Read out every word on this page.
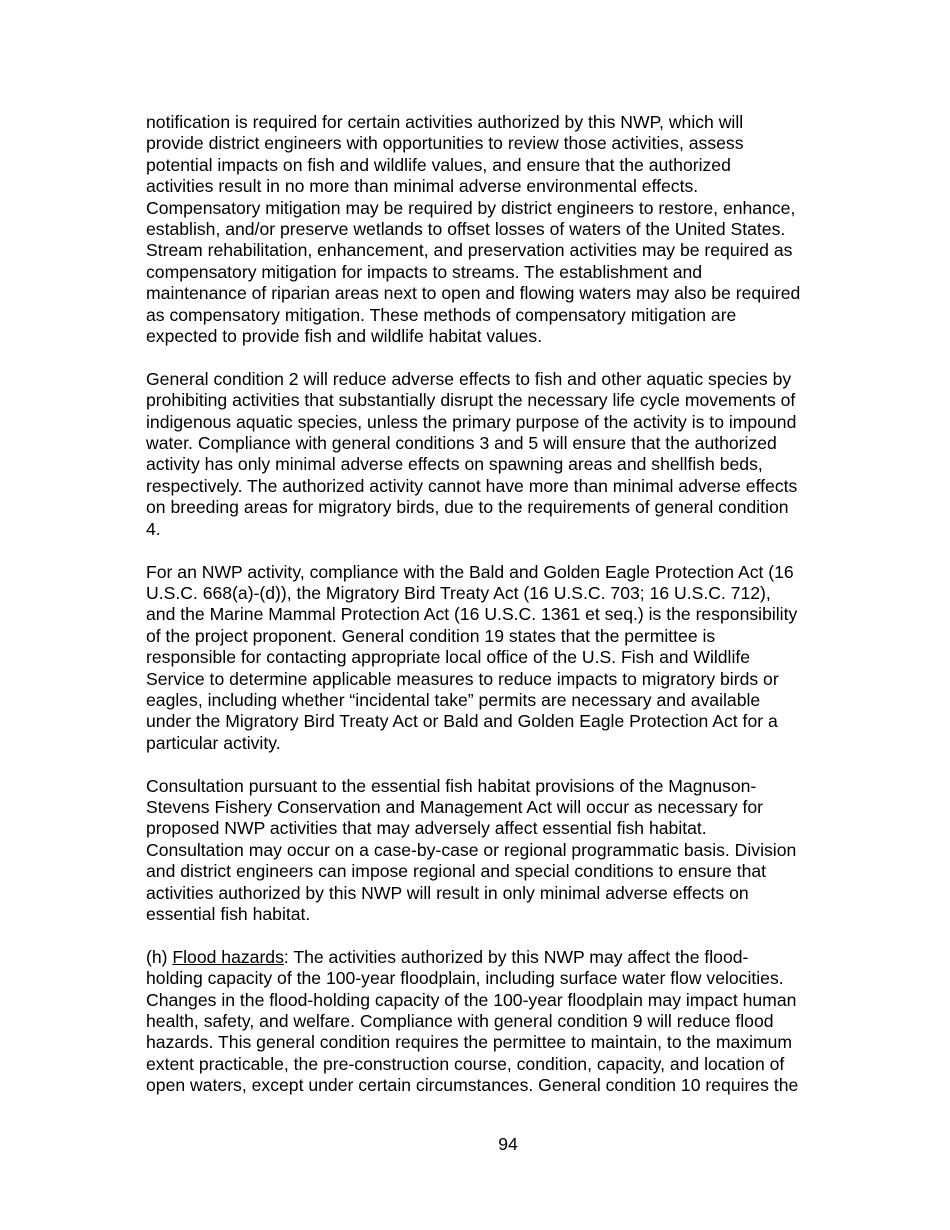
notification is required for certain activities authorized by this NWP, which will
provide district engineers with opportunities to review those activities, assess
potential impacts on fish and wildlife values, and ensure that the authorized
activities result in no more than minimal adverse environmental effects.
Compensatory mitigation may be required by district engineers to restore, enhance,
establish, and/or preserve wetlands to offset losses of waters of the United States.
Stream rehabilitation, enhancement, and preservation activities may be required as
compensatory mitigation for impacts to streams. The establishment and
maintenance of riparian areas next to open and flowing waters may also be required
as compensatory mitigation. These methods of compensatory mitigation are
expected to provide fish and wildlife habitat values.

General condition 2 will reduce adverse effects to fish and other aquatic species by
prohibiting activities that substantially disrupt the necessary life cycle movements of
indigenous aquatic species, unless the primary purpose of the activity is to impound
water. Compliance with general conditions 3 and 5 will ensure that the authorized
activity has only minimal adverse effects on spawning areas and shellfish beds,
respectively. The authorized activity cannot have more than minimal adverse effects
on breeding areas for migratory birds, due to the requirements of general condition
4.

For an NWP activity, compliance with the Bald and Golden Eagle Protection Act (16
U.S.C. 668(a)-(d)), the Migratory Bird Treaty Act (16 U.S.C. 703; 16 U.S.C. 712),
and the Marine Mammal Protection Act (16 U.S.C. 1361 et seq.) is the responsibility
of the project proponent. General condition 19 states that the permittee is
responsible for contacting appropriate local office of the U.S. Fish and Wildlife
Service to determine applicable measures to reduce impacts to migratory birds or
eagles, including whether “incidental take” permits are necessary and available
under the Migratory Bird Treaty Act or Bald and Golden Eagle Protection Act for a
particular activity.

Consultation pursuant to the essential fish habitat provisions of the Magnuson-
Stevens Fishery Conservation and Management Act will occur as necessary for
proposed NWP activities that may adversely affect essential fish habitat.
Consultation may occur on a case-by-case or regional programmatic basis. Division
and district engineers can impose regional and special conditions to ensure that
activities authorized by this NWP will result in only minimal adverse effects on
essential fish habitat.

(h) Flood hazards: The activities authorized by this NWP may affect the flood-
holding capacity of the 100-year floodplain, including surface water flow velocities.
Changes in the flood-holding capacity of the 100-year floodplain may impact human
health, safety, and welfare. Compliance with general condition 9 will reduce flood
hazards. This general condition requires the permittee to maintain, to the maximum
extent practicable, the pre-construction course, condition, capacity, and location of
open waters, except under certain circumstances. General condition 10 requires the

94
